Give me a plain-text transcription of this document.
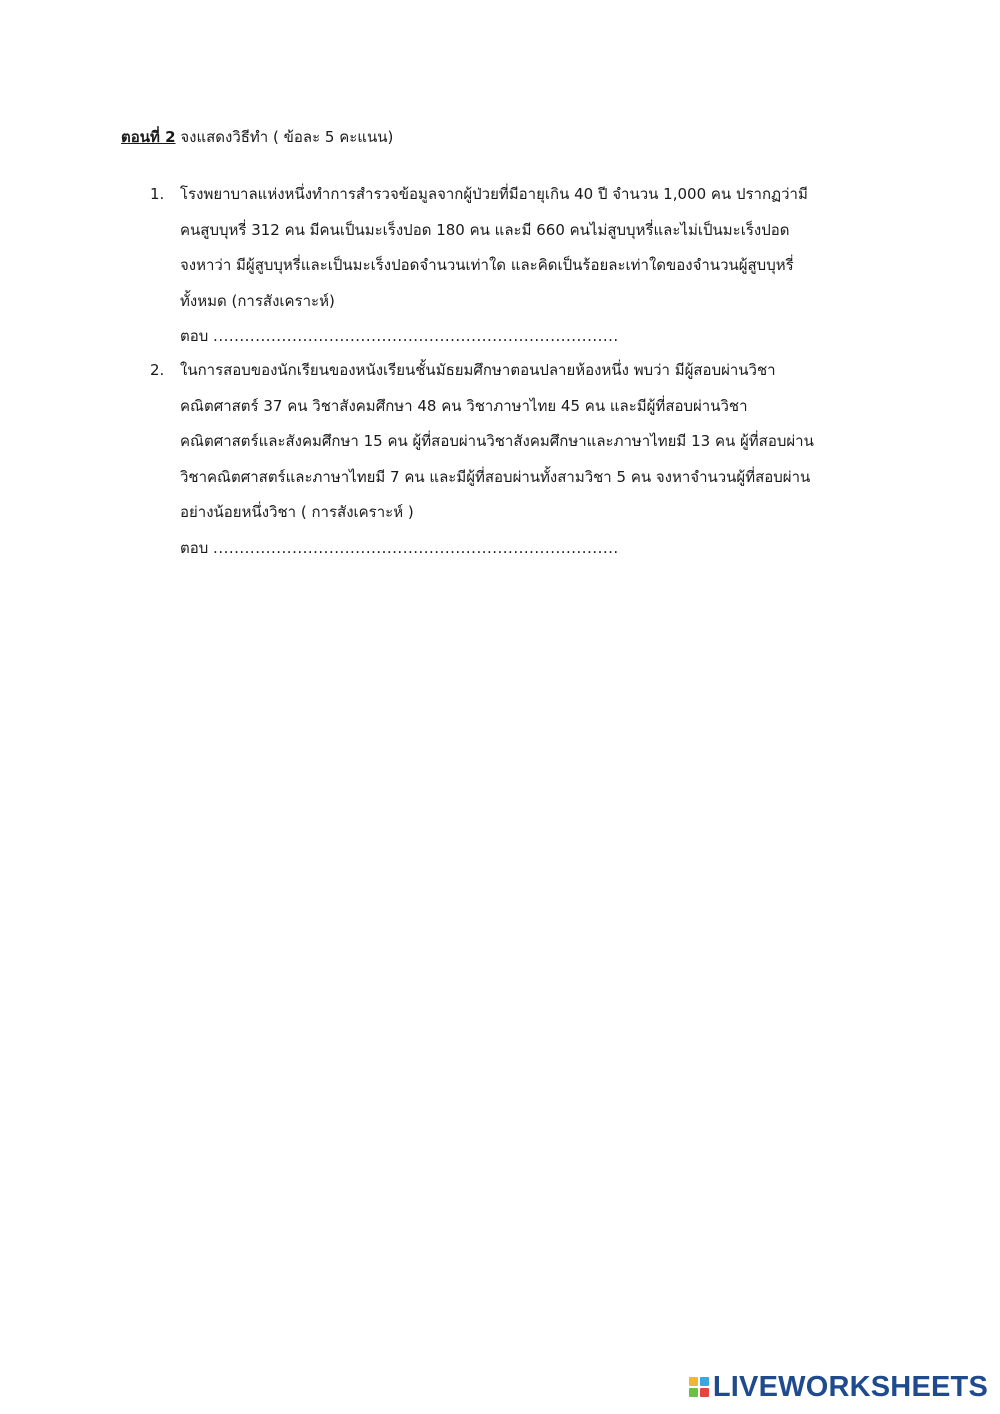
ตอนที่ 2 จงแสดงวิธีทำ ( ข้อละ 5 คะแนน)
1.	โรงพยาบาลแห่งหนึ่งทำการสำรวจข้อมูลจากผู้ป่วยที่มีอายุเกิน 40 ปี จำนวน 1,000 คน ปรากฏว่ามี
คนสูบบุหรี่ 312 คน มีคนเป็นมะเร็งปอด 180 คน และมี 660 คนไม่สูบบุหรี่และไม่เป็นมะเร็งปอด
จงหาว่า มีผู้สูบบุหรี่และเป็นมะเร็งปอดจำนวนเท่าใด และคิดเป็นร้อยละเท่าใดของจำนวนผู้สูบบุหรี่
ทั้งหมด (การสังเคราะห์)
ตอบ .............................................................................
2.	ในการสอบของนักเรียนของหนังเรียนชั้นมัธยมศึกษาตอนปลายห้องหนึ่ง พบว่า มีผู้สอบผ่านวิชา
คณิตศาสตร์ 37 คน วิชาสังคมศึกษา 48 คน วิชาภาษาไทย 45 คน และมีผู้ที่สอบผ่านวิชา
คณิตศาสตร์และสังคมศึกษา 15 คน ผู้ที่สอบผ่านวิชาสังคมศึกษาและภาษาไทยมี 13 คน ผู้ที่สอบผ่าน
วิชาคณิตศาสตร์และภาษาไทยมี 7 คน และมีผู้ที่สอบผ่านทั้งสามวิชา 5 คน จงหาจำนวนผู้ที่สอบผ่าน
อย่างน้อยหนึ่งวิชา ( การสังเคราะห์ )
ตอบ .............................................................................
LIVEWORKSHEETS
